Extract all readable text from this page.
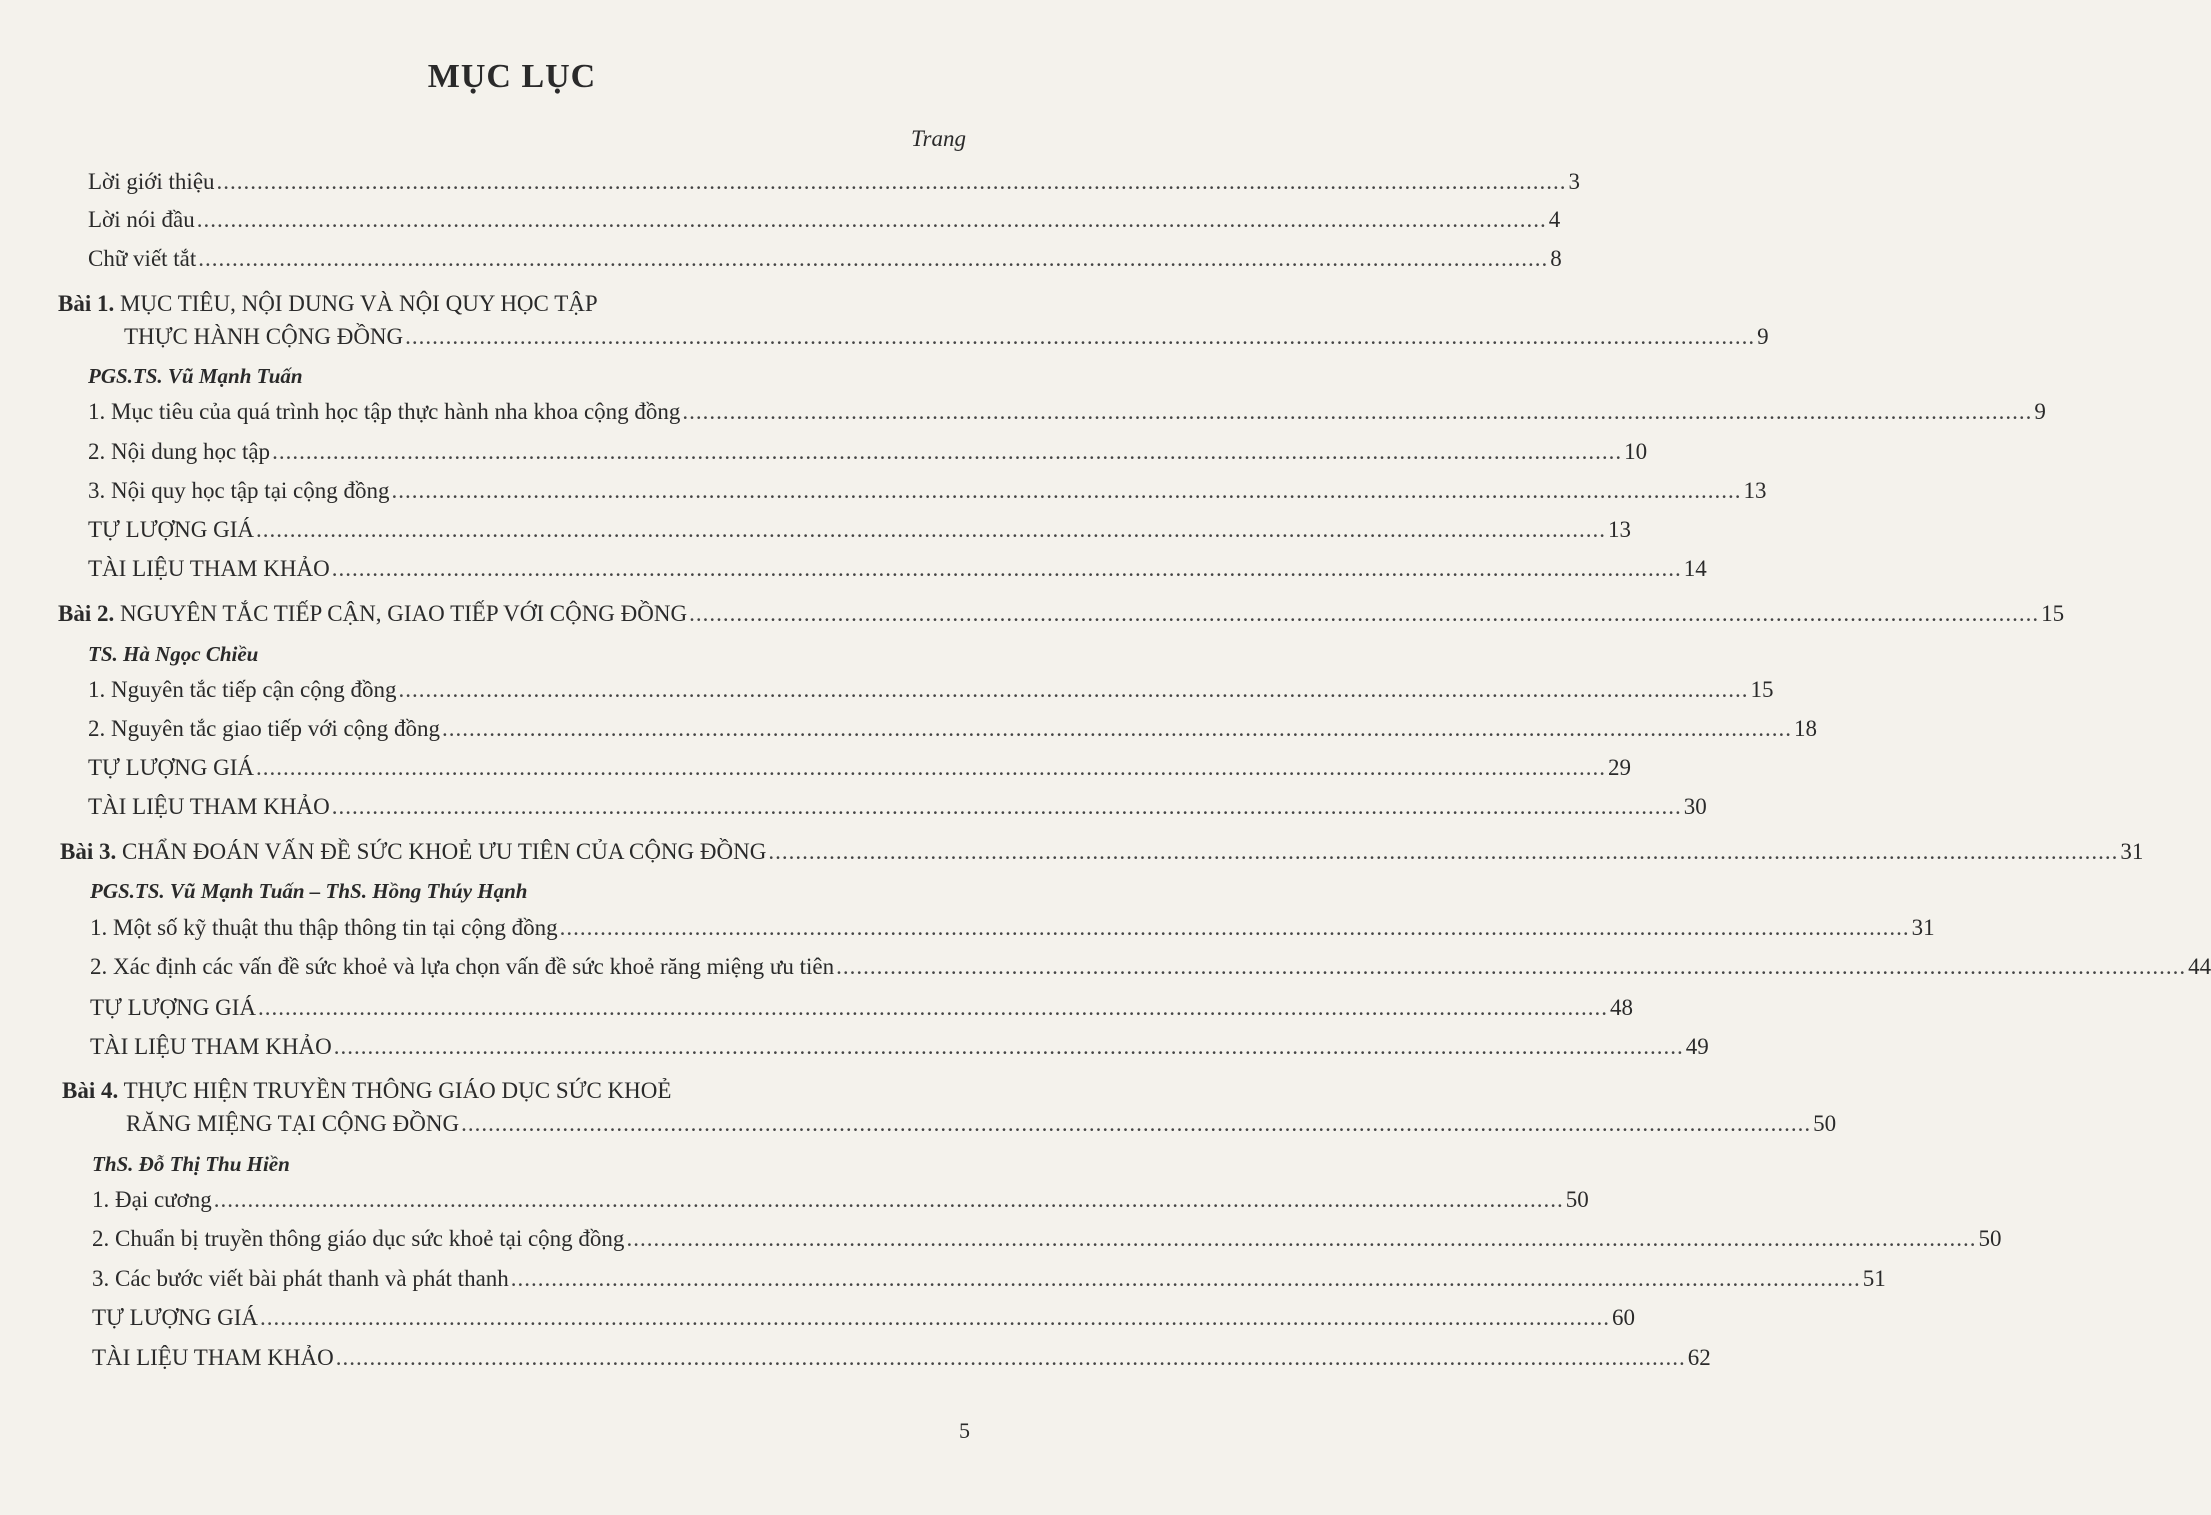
MỤC LỤC
Trang
Lời giới thiệu ........................................................................................................................................................................................................ 3
Lời nói đầu ........................................................................................................................................................................................................ 4
Chữ viết tắt ........................................................................................................................................................................................................ 8
Bài 1. MỤC TIÊU, NỘI DUNG VÀ NỘI QUY HỌC TẬP
THỰC HÀNH CỘNG ĐỒNG ........................................................................................................................................................................................................ 9
PGS.TS. Vũ Mạnh Tuấn
1. Mục tiêu của quá trình học tập thực hành nha khoa cộng đồng ........................................................................................................................................................................................................ 9
2. Nội dung học tập ........................................................................................................................................................................................................ 10
3. Nội quy học tập tại cộng đồng ........................................................................................................................................................................................................ 13
TỰ LƯỢNG GIÁ ........................................................................................................................................................................................................ 13
TÀI LIỆU THAM KHẢO ........................................................................................................................................................................................................ 14
Bài 2. NGUYÊN TẮC TIẾP CẬN, GIAO TIẾP VỚI CỘNG ĐỒNG ........................................................................................................................................................................................................ 15
TS. Hà Ngọc Chiều
1. Nguyên tắc tiếp cận cộng đồng ........................................................................................................................................................................................................ 15
2. Nguyên tắc giao tiếp với cộng đồng ........................................................................................................................................................................................................ 18
TỰ LƯỢNG GIÁ ........................................................................................................................................................................................................ 29
TÀI LIỆU THAM KHẢO ........................................................................................................................................................................................................ 30
Bài 3. CHẨN ĐOÁN VẤN ĐỀ SỨC KHOẺ ƯU TIÊN CỦA CỘNG ĐỒNG ........................................................................................................................................................................................................ 31
PGS.TS. Vũ Mạnh Tuấn – ThS. Hồng Thúy Hạnh
1. Một số kỹ thuật thu thập thông tin tại cộng đồng ........................................................................................................................................................................................................ 31
2. Xác định các vấn đề sức khoẻ và lựa chọn vấn đề sức khoẻ răng miệng ưu tiên ........................................................................................................................................................................................................ 44
TỰ LƯỢNG GIÁ ........................................................................................................................................................................................................ 48
TÀI LIỆU THAM KHẢO ........................................................................................................................................................................................................ 49
Bài 4. THỰC HIỆN TRUYỀN THÔNG GIÁO DỤC SỨC KHOẺ
RĂNG MIỆNG TẠI CỘNG ĐỒNG ........................................................................................................................................................................................................ 50
ThS. Đỗ Thị Thu Hiền
1. Đại cương ........................................................................................................................................................................................................ 50
2. Chuẩn bị truyền thông giáo dục sức khoẻ tại cộng đồng ........................................................................................................................................................................................................ 50
3. Các bước viết bài phát thanh và phát thanh ........................................................................................................................................................................................................ 51
TỰ LƯỢNG GIÁ ........................................................................................................................................................................................................ 60
TÀI LIỆU THAM KHẢO ........................................................................................................................................................................................................ 62
5
